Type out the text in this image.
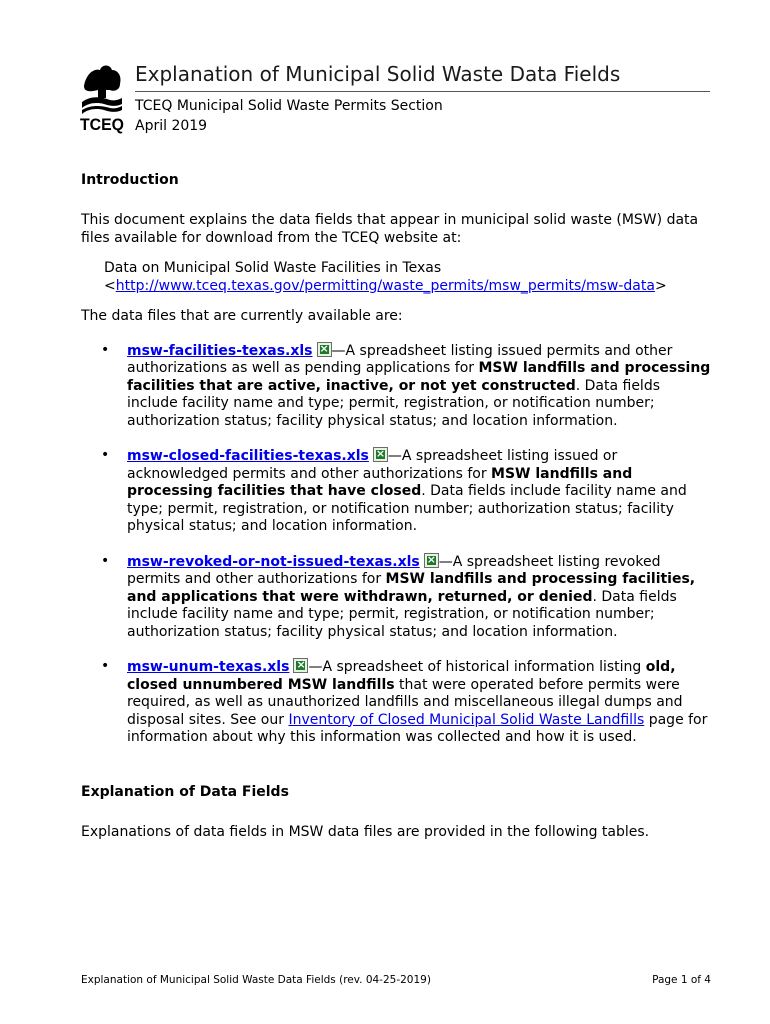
TCEQ
Explanation of Municipal Solid Waste Data Fields
TCEQ Municipal Solid Waste Permits Section
April 2019
Introduction

This document explains the data fields that appear in municipal solid waste (MSW) data files available for download from the TCEQ website at:

Data on Municipal Solid Waste Facilities in Texas

<http://www.tceq.texas.gov/permitting/waste_permits/msw_permits/msw-data>

The data files that are currently available are:

• msw-facilities-texas.xls × —A spreadsheet listing issued permits and other authorizations as well as pending applications for MSW landfills and processing facilities that are active, inactive, or not yet constructed. Data fields include facility name and type; permit, registration, or notification number; authorization status; facility physical status; and location information.
• msw-closed-facilities-texas.xls × —A spreadsheet listing issued or acknowledged permits and other authorizations for MSW landfills and processing facilities that have closed. Data fields include facility name and type; permit, registration, or notification number; authorization status; facility physical status; and location information.
• msw-revoked-or-not-issued-texas.xls × —A spreadsheet listing revoked permits and other authorizations for MSW landfills and processing facilities, and applications that were withdrawn, returned, or denied. Data fields include facility name and type; permit, registration, or notification number; authorization status; facility physical status; and location information.
• msw-unum-texas.xls × —A spreadsheet of historical information listing old, closed unnumbered MSW landfills that were operated before permits were required, as well as unauthorized landfills and miscellaneous illegal dumps and disposal sites. See our Inventory of Closed Municipal Solid Waste Landfills page for information about why this information was collected and how it is used.
Explanation of Data Fields

Explanations of data fields in MSW data files are provided in the following tables.

Explanation of Municipal Solid Waste Data Fields (rev. 04-25-2019)	Page 1 of 4
